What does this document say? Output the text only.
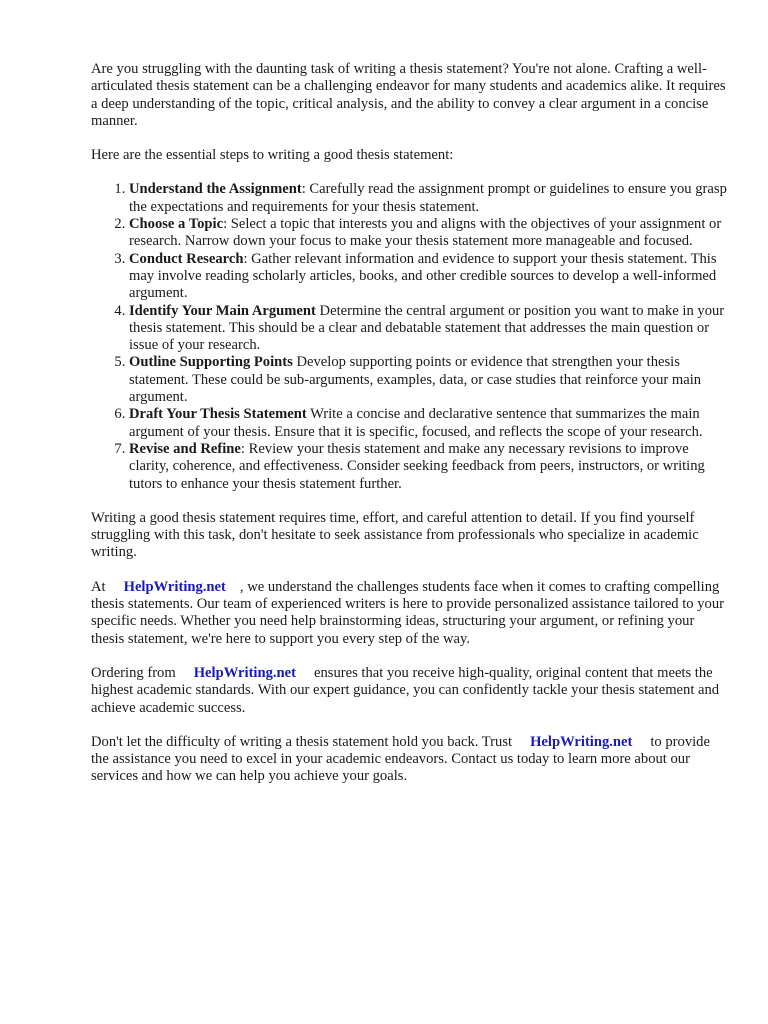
Are you struggling with the daunting task of writing a thesis statement? You're not alone. Crafting a well-articulated thesis statement can be a challenging endeavor for many students and academics alike. It requires a deep understanding of the topic, critical analysis, and the ability to convey a clear argument in a concise manner.

Here are the essential steps to writing a good thesis statement:

1. Understand the Assignment: Carefully read the assignment prompt or guidelines to ensure you grasp the expectations and requirements for your thesis statement.
2. Choose a Topic: Select a topic that interests you and aligns with the objectives of your assignment or research. Narrow down your focus to make your thesis statement more manageable and focused.
3. Conduct Research: Gather relevant information and evidence to support your thesis statement. This may involve reading scholarly articles, books, and other credible sources to develop a well-informed argument.
4. Identify Your Main Argument Determine the central argument or position you want to make in your thesis statement. This should be a clear and debatable statement that addresses the main question or issue of your research.
5. Outline Supporting Points Develop supporting points or evidence that strengthen your thesis statement. These could be sub-arguments, examples, data, or case studies that reinforce your main argument.
6. Draft Your Thesis Statement Write a concise and declarative sentence that summarizes the main argument of your thesis. Ensure that it is specific, focused, and reflects the scope of your research.
7. Revise and Refine: Review your thesis statement and make any necessary revisions to improve clarity, coherence, and effectiveness. Consider seeking feedback from peers, instructors, or writing tutors to enhance your thesis statement further.

Writing a good thesis statement requires time, effort, and careful attention to detail. If you find yourself struggling with this task, don't hesitate to seek assistance from professionals who specialize in academic writing.

At HelpWriting.net , we understand the challenges students face when it comes to crafting compelling thesis statements. Our team of experienced writers is here to provide personalized assistance tailored to your specific needs. Whether you need help brainstorming ideas, structuring your argument, or refining your thesis statement, we're here to support you every step of the way.

Ordering from HelpWriting.net ensures that you receive high-quality, original content that meets the highest academic standards. With our expert guidance, you can confidently tackle your thesis statement and achieve academic success.

Don't let the difficulty of writing a thesis statement hold you back. Trust HelpWriting.net to provide the assistance you need to excel in your academic endeavors. Contact us today to learn more about our services and how we can help you achieve your goals.
